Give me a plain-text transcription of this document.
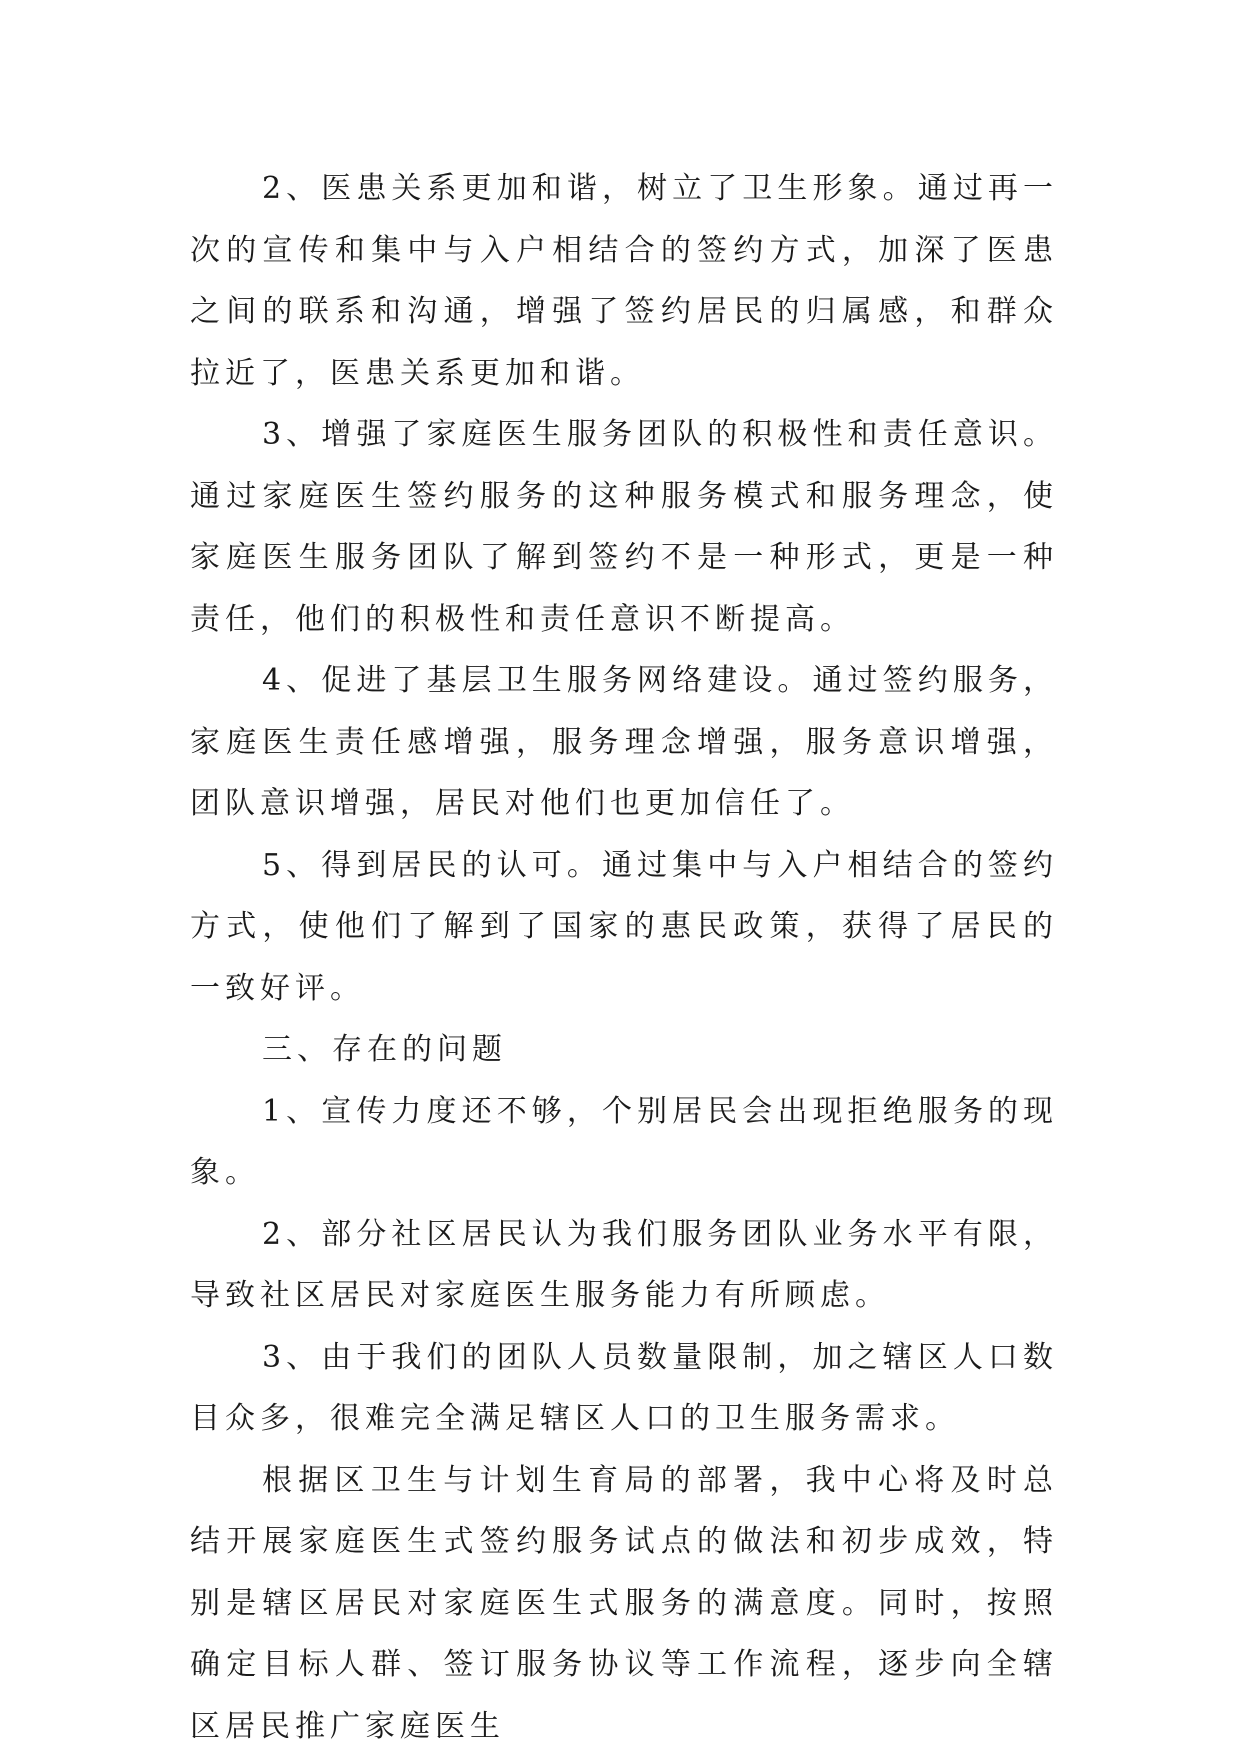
2、医患关系更加和谐，树立了卫生形象。通过再一次的宣传和集中与入户相结合的签约方式，加深了医患之间的联系和沟通，增强了签约居民的归属感，和群众拉近了，医患关系更加和谐。

3、增强了家庭医生服务团队的积极性和责任意识。通过家庭医生签约服务的这种服务模式和服务理念，使家庭医生服务团队了解到签约不是一种形式，更是一种责任，他们的积极性和责任意识不断提高。

4、促进了基层卫生服务网络建设。通过签约服务，家庭医生责任感增强，服务理念增强，服务意识增强，团队意识增强，居民对他们也更加信任了。

5、得到居民的认可。通过集中与入户相结合的签约方式，使他们了解到了国家的惠民政策，获得了居民的一致好评。

三、存在的问题

1、宣传力度还不够，个别居民会出现拒绝服务的现象。

2、部分社区居民认为我们服务团队业务水平有限，导致社区居民对家庭医生服务能力有所顾虑。

3、由于我们的团队人员数量限制，加之辖区人口数目众多，很难完全满足辖区人口的卫生服务需求。

根据区卫生与计划生育局的部署，我中心将及时总结开展家庭医生式签约服务试点的做法和初步成效，特别是辖区居民对家庭医生式服务的满意度。同时，按照确定目标人群、签订服务协议等工作流程，逐步向全辖区居民推广家庭医生
